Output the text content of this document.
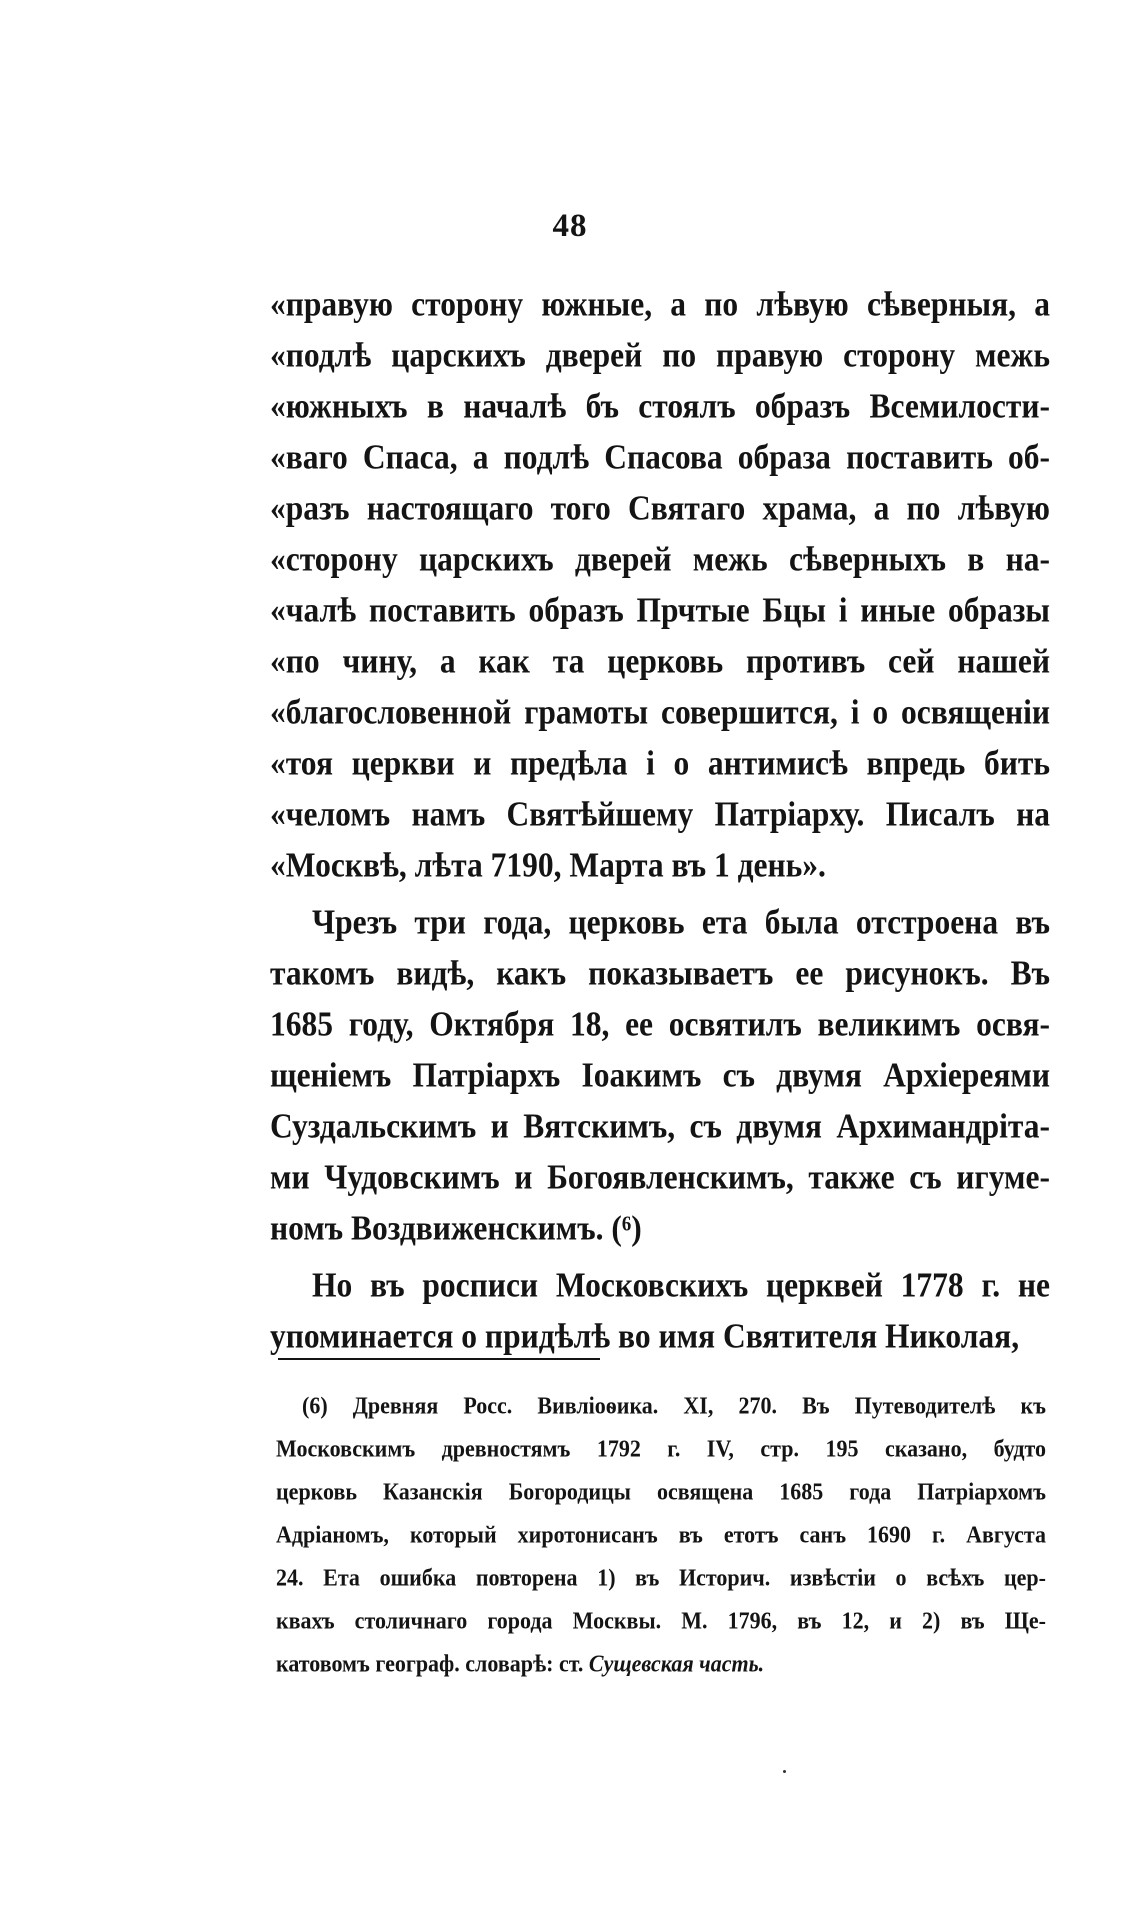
48
«правую сторону южные, а по лѣвую сѣверныя, а
«подлѣ царскихъ дверей по правую сторону межь
«южныхъ в началѣ бъ стоялъ образъ Всемилости-
«ваго Спаса, а подлѣ Спасова образа поставить об-
«разъ настоящаго того Святаго храма, а по лѣвую
«сторону царскихъ дверей межь сѣверныхъ в на-
«чалѣ поставить образъ Прчтые Бцы і иные образы
«по чину, а как та церковь противъ сей нашей
«благословенной грамоты совершится, і о освященіи
«тоя церкви и предѣла і о антимисѣ впредь бить
«челомъ намъ Святѣйшему Патріарху. Писалъ на
«Москвѣ, лѣта 7190, Марта въ 1 день».
Чрезъ три года, церковь ета была отстроена въ
такомъ видѣ, какъ показываетъ ее рисунокъ. Въ
1685 году, Октября 18, ее освятилъ великимъ освя-
щеніемъ Патріархъ Іоакимъ съ двумя Архіереями
Суздальскимъ и Вятскимъ, съ двумя Архимандріта-
ми Чудовскимъ и Богоявленскимъ, также съ игуме-
номъ Воздвиженскимъ. (⁶)
Но въ росписи Московскихъ церквей 1778 г. не
упоминается о придѣлѣ во имя Святителя Николая,
(6) Древняя Росс. Вивліоѳика. XI, 270. Въ Путеводителѣ къ
Московскимъ древностямъ 1792 г. IV, стр. 195 сказано, будто
церковь Казанскія Богородицы освящена 1685 года Патріархомъ
Адріаномъ, который хиротонисанъ въ етотъ санъ 1690 г. Августа
24. Ета ошибка повторена 1) въ Историч. извѣстіи о всѣхъ цер-
квахъ столичнаго города Москвы. М. 1796, въ 12, и 2) въ Ще-
катовомъ географ. словарѣ: ст. Сущевская часть.
